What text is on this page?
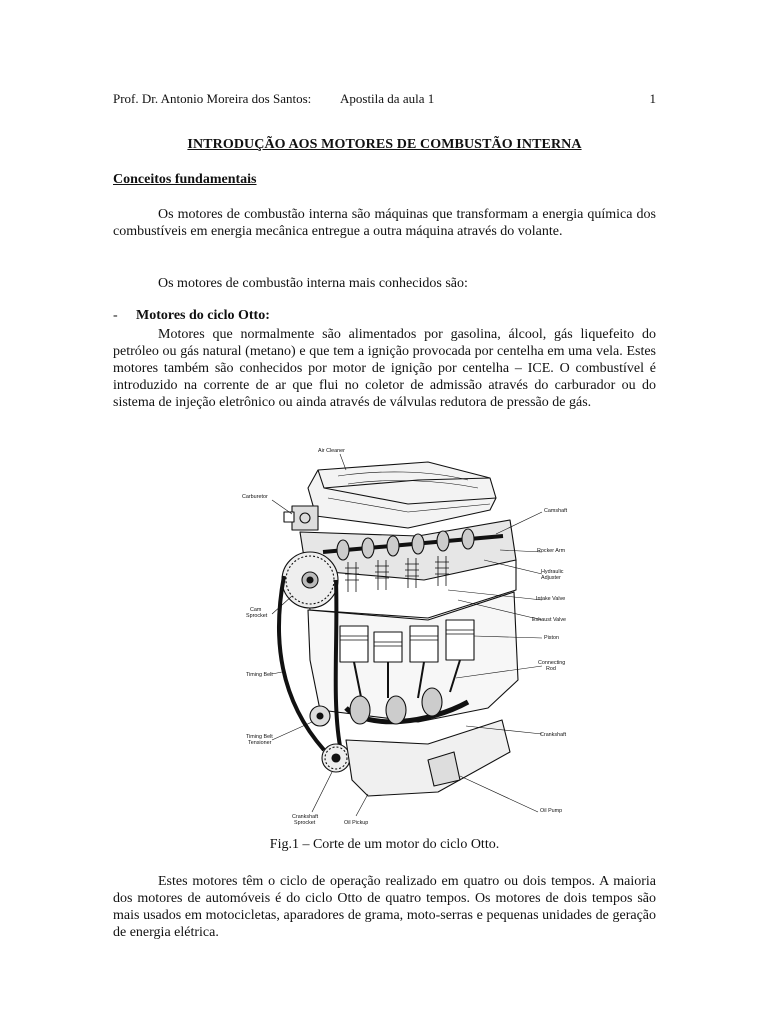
Prof. Dr. Antonio Moreira dos Santos: Apostila da aula 1	1
INTRODUÇÃO AOS MOTORES DE COMBUSTÃO INTERNA
Conceitos fundamentais

Os motores de combustão interna são máquinas que transformam a energia química dos combustíveis em energia mecânica entregue a outra máquina através do volante.

Os motores de combustão interna mais conhecidos são:

- Motores do ciclo Otto:

Motores que normalmente são alimentados por gasolina, álcool, gás liquefeito do petróleo ou gás natural (metano) e que tem a ignição provocada por centelha em uma vela. Estes motores também são conhecidos por motor de ignição por centelha – ICE. O combustível é introduzido na corrente de ar que flui no coletor de admissão através do carburador ou do sistema de injeção eletrônico ou ainda através de válvulas redutora de pressão de gás.

Air Cleaner
Carburetor
Camshaft
Rocker Arm
Hydraulic
Adjuster
Intake Valve
Exhaust Valve
Cam
Sprocket
Piston
Connecting
Rod
Timing Belt
Timing Belt
Tensioner
Crankshaft
Crankshaft
Sprocket	Oil Pickup
Oil Pump
Fig.1 – Corte de um motor do ciclo Otto.

Estes motores têm o ciclo de operação realizado em quatro ou dois tempos. A maioria dos motores de automóveis é do ciclo Otto de quatro tempos. Os motores de dois tempos são mais usados em motocicletas, aparadores de grama, moto-serras e pequenas unidades de geração de energia elétrica.
